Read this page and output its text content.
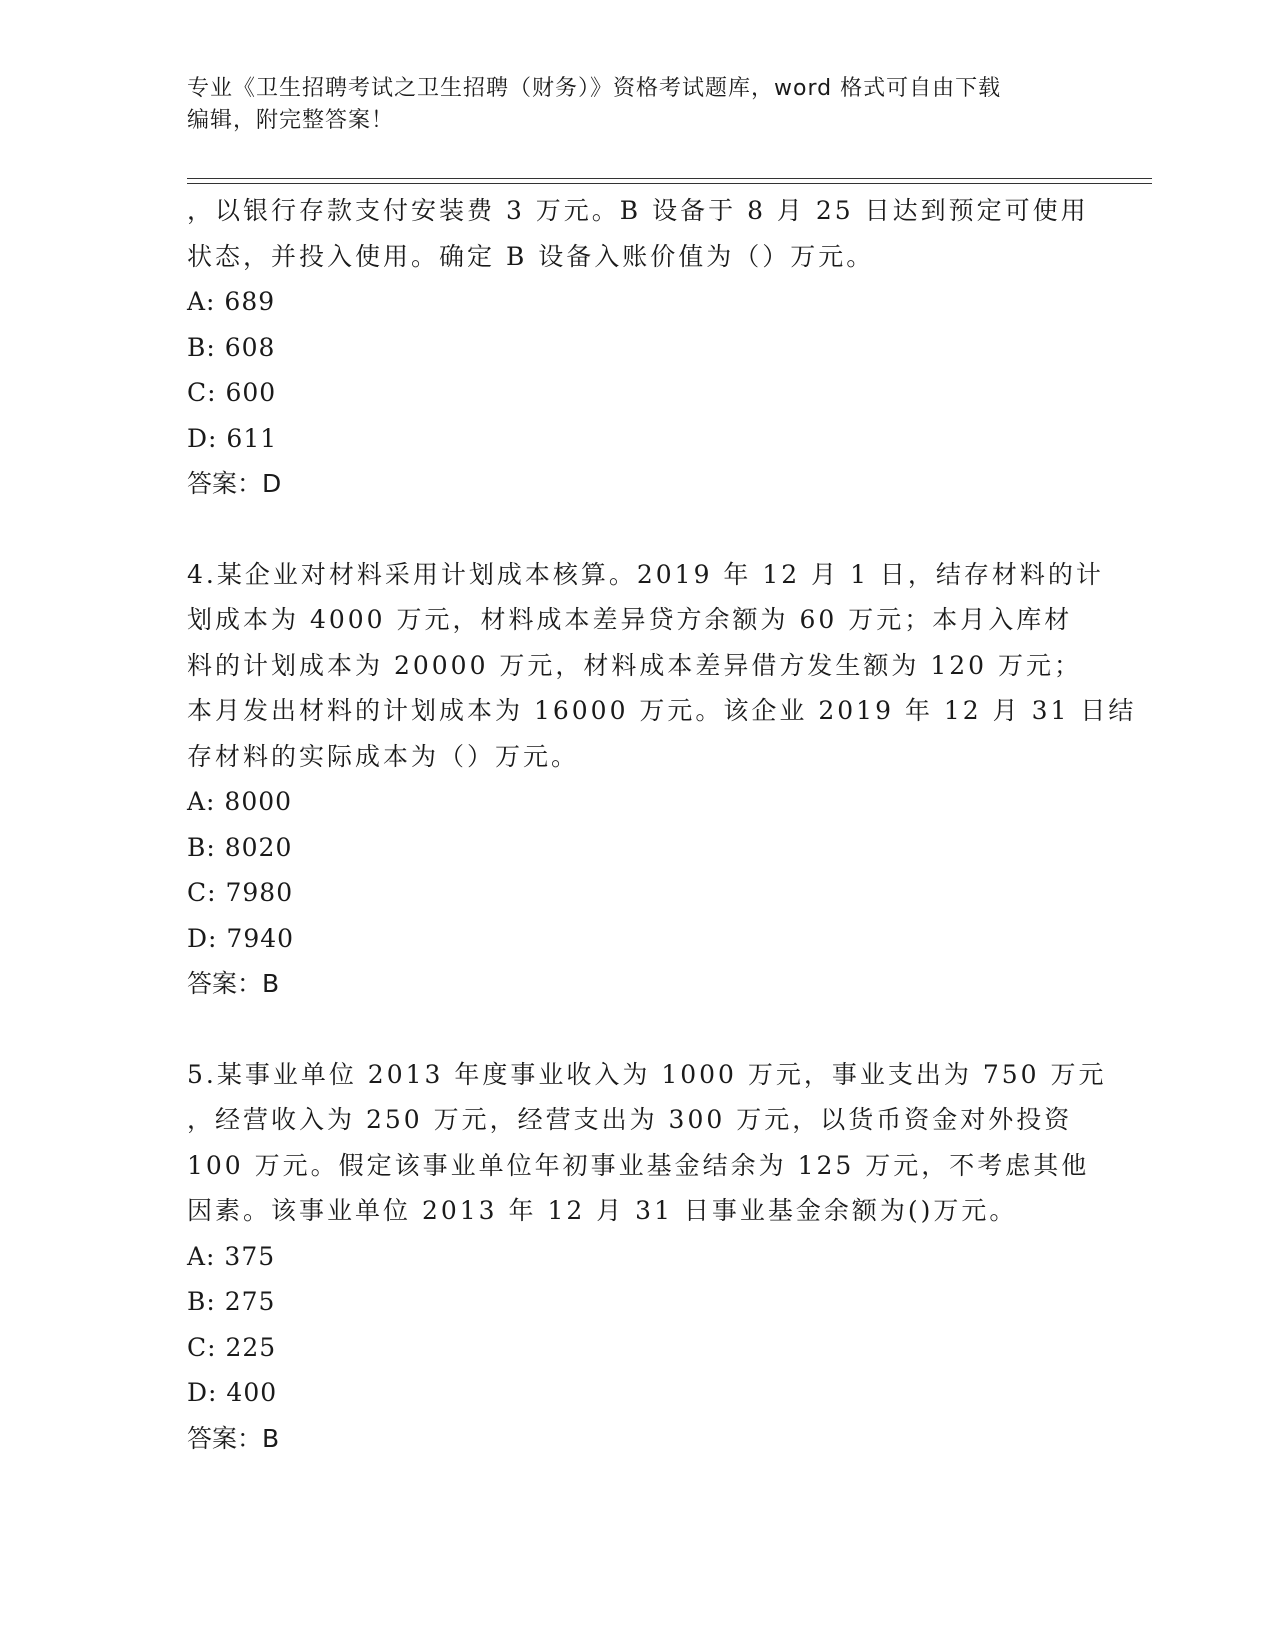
专业《卫生招聘考试之卫生招聘（财务）》资格考试题库，word 格式可自由下载
编辑，附完整答案！
，以银行存款支付安装费 3 万元。B 设备于 8 月 25 日达到预定可使用
状态，并投入使用。确定 B 设备入账价值为（）万元。
A: 689
B: 608
C: 600
D: 611
答案：D
4.某企业对材料采用计划成本核算。2019 年 12 月 1 日，结存材料的计
划成本为 4000 万元，材料成本差异贷方余额为 60 万元；本月入库材
料的计划成本为 20000 万元，材料成本差异借方发生额为 120 万元；
本月发出材料的计划成本为 16000 万元。该企业 2019 年 12 月 31 日结
存材料的实际成本为（）万元。
A: 8000
B: 8020
C: 7980
D: 7940
答案：B
5.某事业单位 2013 年度事业收入为 1000 万元，事业支出为 750 万元
，经营收入为 250 万元，经营支出为 300 万元，以货币资金对外投资
100 万元。假定该事业单位年初事业基金结余为 125 万元，不考虑其他
因素。该事业单位 2013 年 12 月 31 日事业基金余额为()万元。
A: 375
B: 275
C: 225
D: 400
答案：B
